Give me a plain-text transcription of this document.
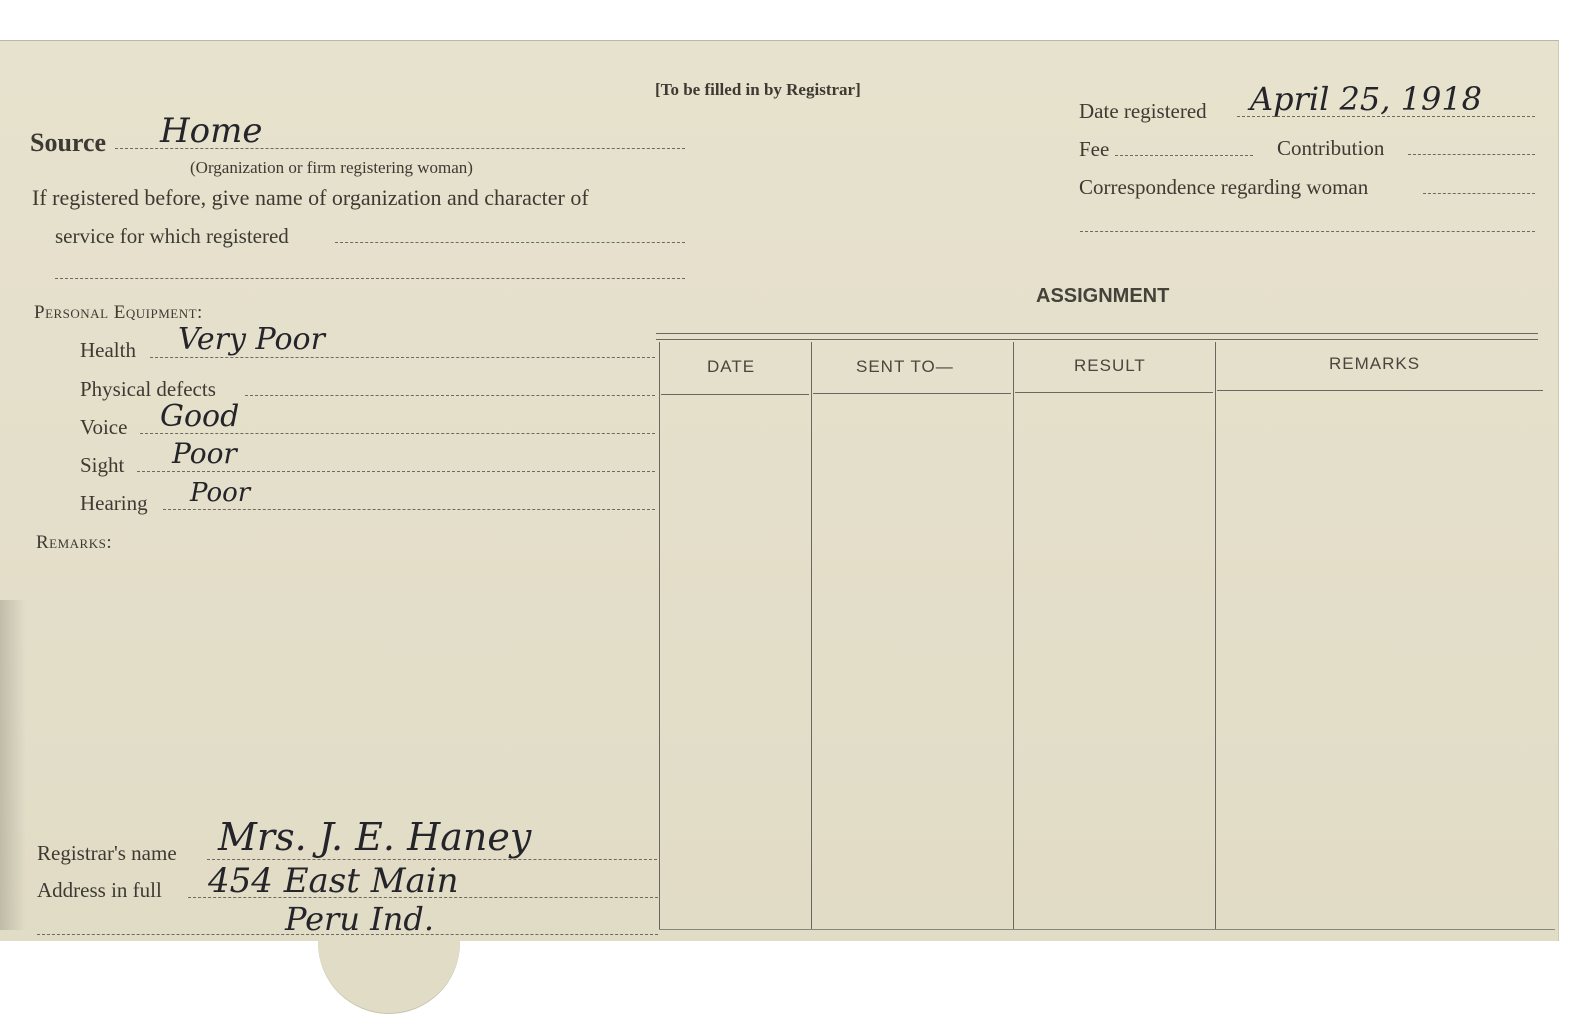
[To be filled in by Registrar]
Source Home
(Organization or firm registering woman)
If registered before, give name of organization and character of
service for which registered
Personal Equipment:
Health Very Poor
Physical defects
Voice Good
Sight Poor
Hearing Poor
Remarks:
Registrar's name Mrs. J. E. Haney
Address in full 454 East Main
Peru Ind.
Date registered April 25, 1918
Fee	Contribution
Correspondence regarding woman
ASSIGNMENT
DATE	SENT TO—	RESULT	REMARKS
